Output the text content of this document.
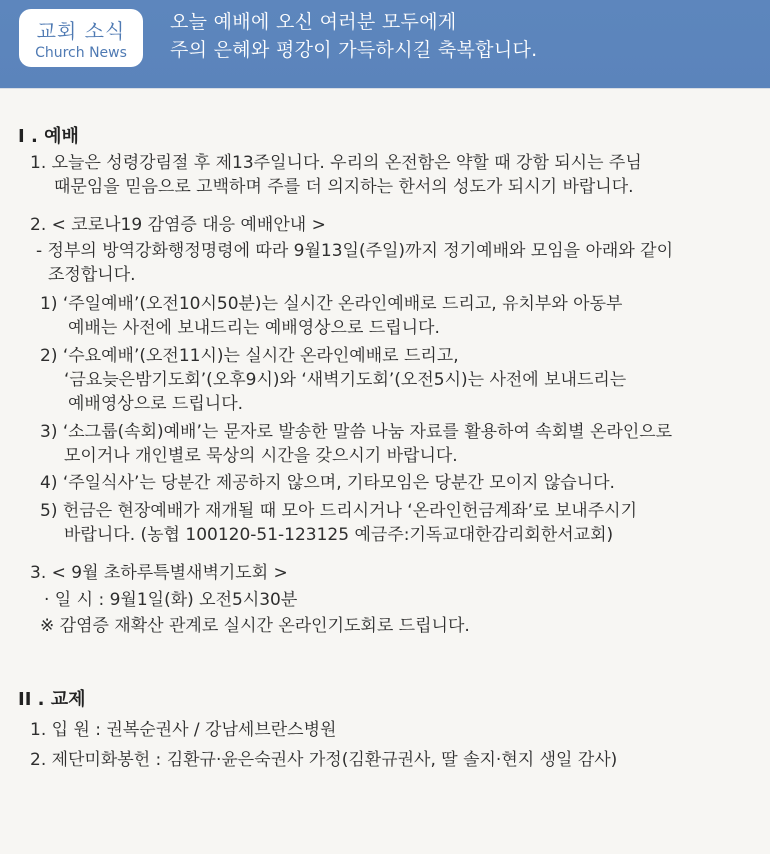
교회 소식
Church News
오늘 예배에 오신 여러분 모두에게
주의 은혜와 평강이 가득하시길 축복합니다.
I . 예배
1. 오늘은 성령강림절 후 제13주일니다. 우리의 온전함은 약할 때 강함 되시는 주님
때문임을 믿음으로 고백하며 주를 더 의지하는 한서의 성도가 되시기 바랍니다.
2. < 코로나19 감염증 대응 예배안내 >
- 정부의 방역강화행정명령에 따라 9월13일(주일)까지 정기예배와 모임을 아래와 같이
조정합니다.
1) ‘주일예배’(오전10시50분)는 실시간 온라인예배로 드리고, 유치부와 아동부
예배는 사전에 보내드리는 예배영상으로 드립니다.
2) ‘수요예배’(오전11시)는 실시간 온라인예배로 드리고,
‘금요늦은밤기도회’(오후9시)와 ‘새벽기도회’(오전5시)는 사전에 보내드리는
예배영상으로 드립니다.
3) ‘소그룹(속회)예배’는 문자로 발송한 말씀 나눔 자료를 활용하여 속회별 온라인으로
모이거나 개인별로 묵상의 시간을 갖으시기 바랍니다.
4) ‘주일식사’는 당분간 제공하지 않으며, 기타모임은 당분간 모이지 않습니다.
5) 헌금은 현장예배가 재개될 때 모아 드리시거나 ‘온라인헌금계좌’로 보내주시기
바랍니다. (농협 100120-51-123125 예금주:기독교대한감리회한서교회)
3. < 9월 초하루특별새벽기도회 >
· 일 시 : 9월1일(화) 오전5시30분
※ 감염증 재확산 관계로 실시간 온라인기도회로 드립니다.
II . 교제
1. 입 원 : 권복순권사 / 강남세브란스병원
2. 제단미화봉헌 : 김환규·윤은숙권사 가정(김환규권사, 딸 솔지·현지 생일 감사)
